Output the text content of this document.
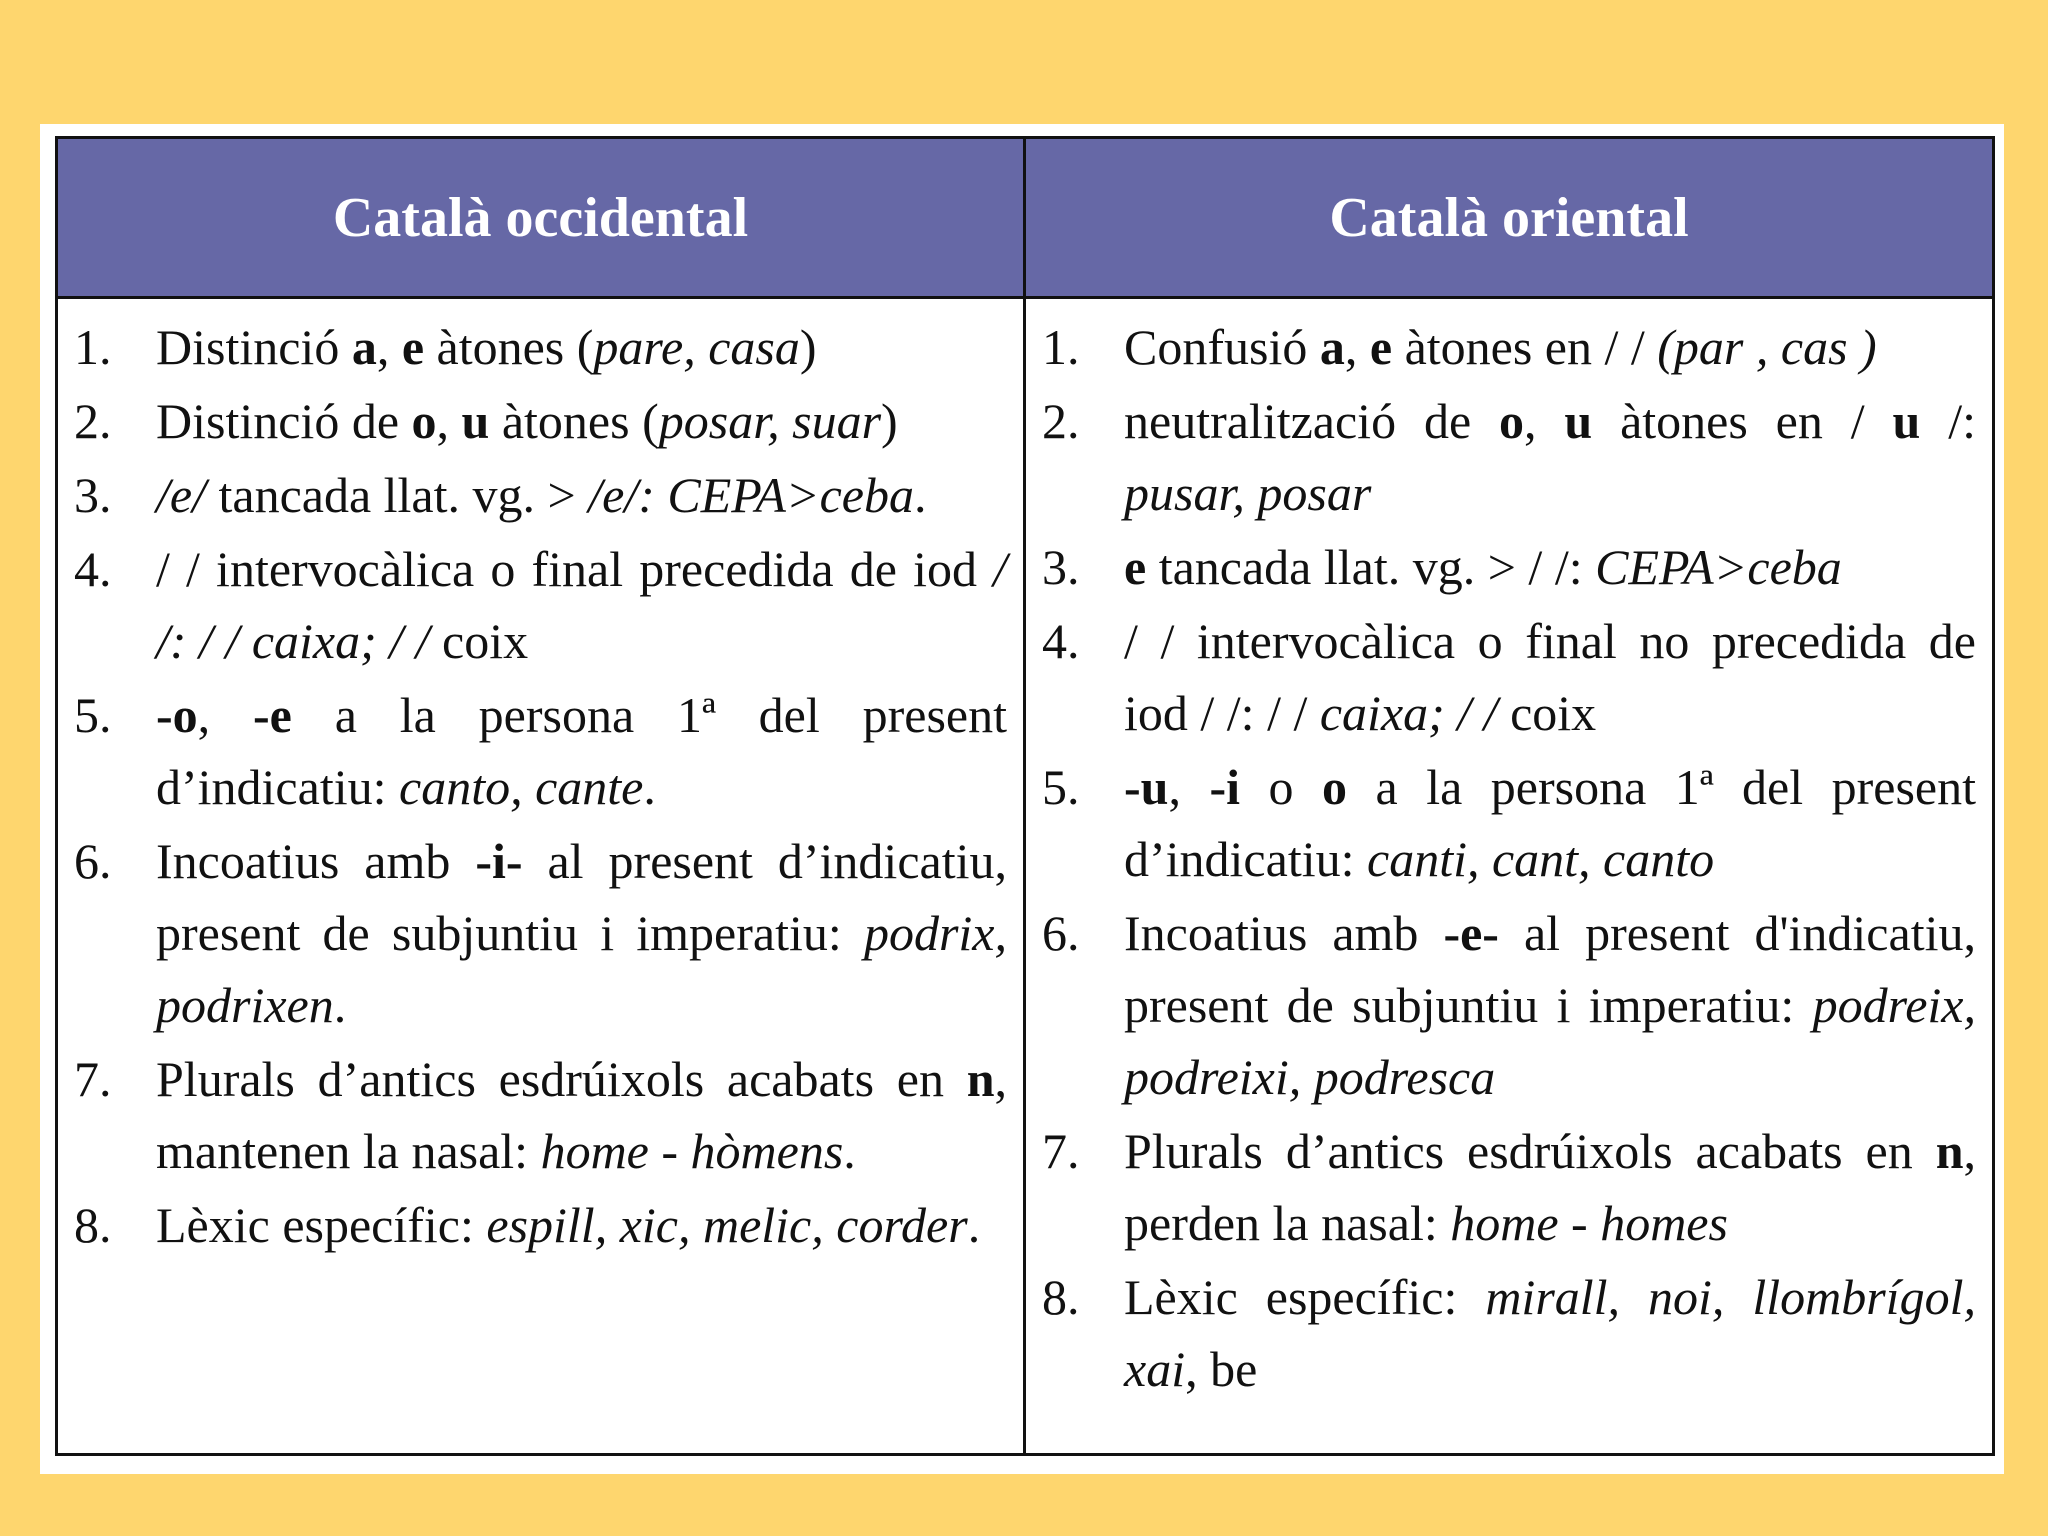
Català occidental	Català oriental
1. Distinció a, e àtones (pare, casa)
2. Distinció de o, u àtones (posar, suar)
3. /e/ tancada llat. vg. > /e/: CEPA>ceba.
4. / / intervocàlica o final precedida de iod / /: / / caixa; / / coix
5. -o, -e a la persona 1ª del present d’indicatiu: canto, cante.
6. Incoatius amb -i- al present d’indicatiu, present de subjuntiu i imperatiu: podrix, podrixen.
7. Plurals d’antics esdrúixols acabats en n, mantenen la nasal: home - hòmens.
8. Lèxic específic: espill, xic, melic, corder.
1. Confusió a, e àtones en / / (par , cas )
2. neutralització de o, u àtones en / u /: pusar, posar
3. e tancada llat. vg. > / /: CEPA>ceba
4. / / intervocàlica o final no precedida de iod / /: / / caixa; / / coix
5. -u, -i o o a la persona 1ª del present d’indicatiu: canti, cant, canto
6. Incoatius amb -e- al present d'indicatiu, present de subjuntiu i imperatiu: podreix, podreixi, podresca
7. Plurals d’antics esdrúixols acabats en n, perden la nasal: home - homes
8. Lèxic específic: mirall, noi, llombrígol, xai, be
